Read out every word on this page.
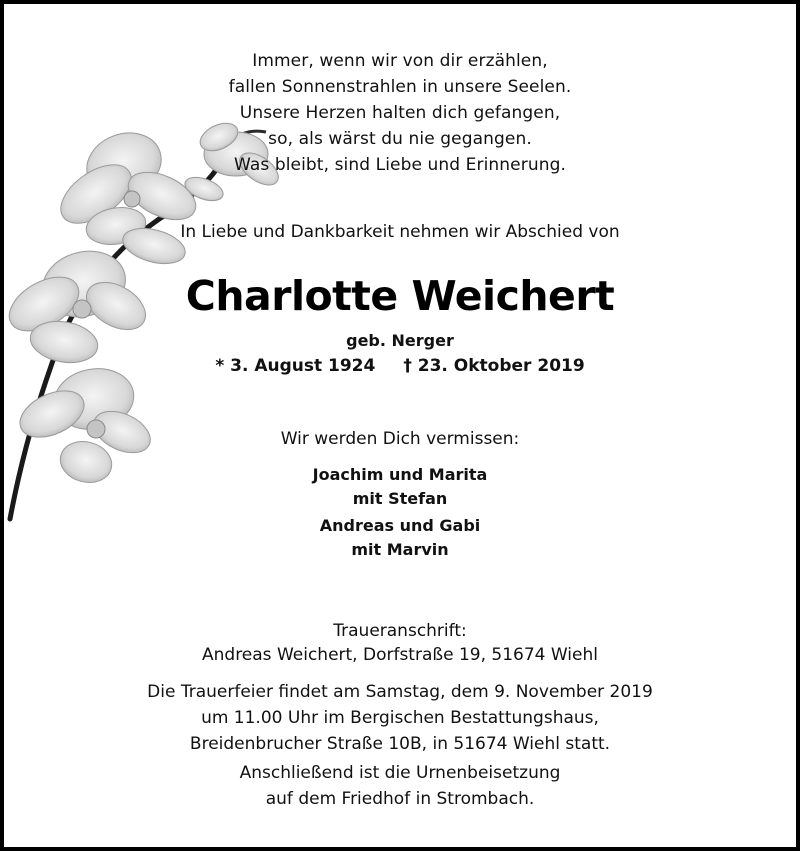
Immer, wenn wir von dir erzählen,
fallen Sonnenstrahlen in unsere Seelen.
Unsere Herzen halten dich gefangen,
so, als wärst du nie gegangen.
Was bleibt, sind Liebe und Erinnerung.
In Liebe und Dankbarkeit nehmen wir Abschied von
Charlotte Weichert
geb. Nerger
* 3. August 1924 † 23. Oktober 2019
Wir werden Dich vermissen:
Joachim und Marita
mit Stefan
Andreas und Gabi
mit Marvin
Traueranschrift:
Andreas Weichert, Dorfstraße 19, 51674 Wiehl
Die Trauerfeier findet am Samstag, dem 9. November 2019
um 11.00 Uhr im Bergischen Bestattungshaus,
Breidenbrucher Straße 10B, in 51674 Wiehl statt.
Anschließend ist die Urnenbeisetzung
auf dem Friedhof in Strombach.
